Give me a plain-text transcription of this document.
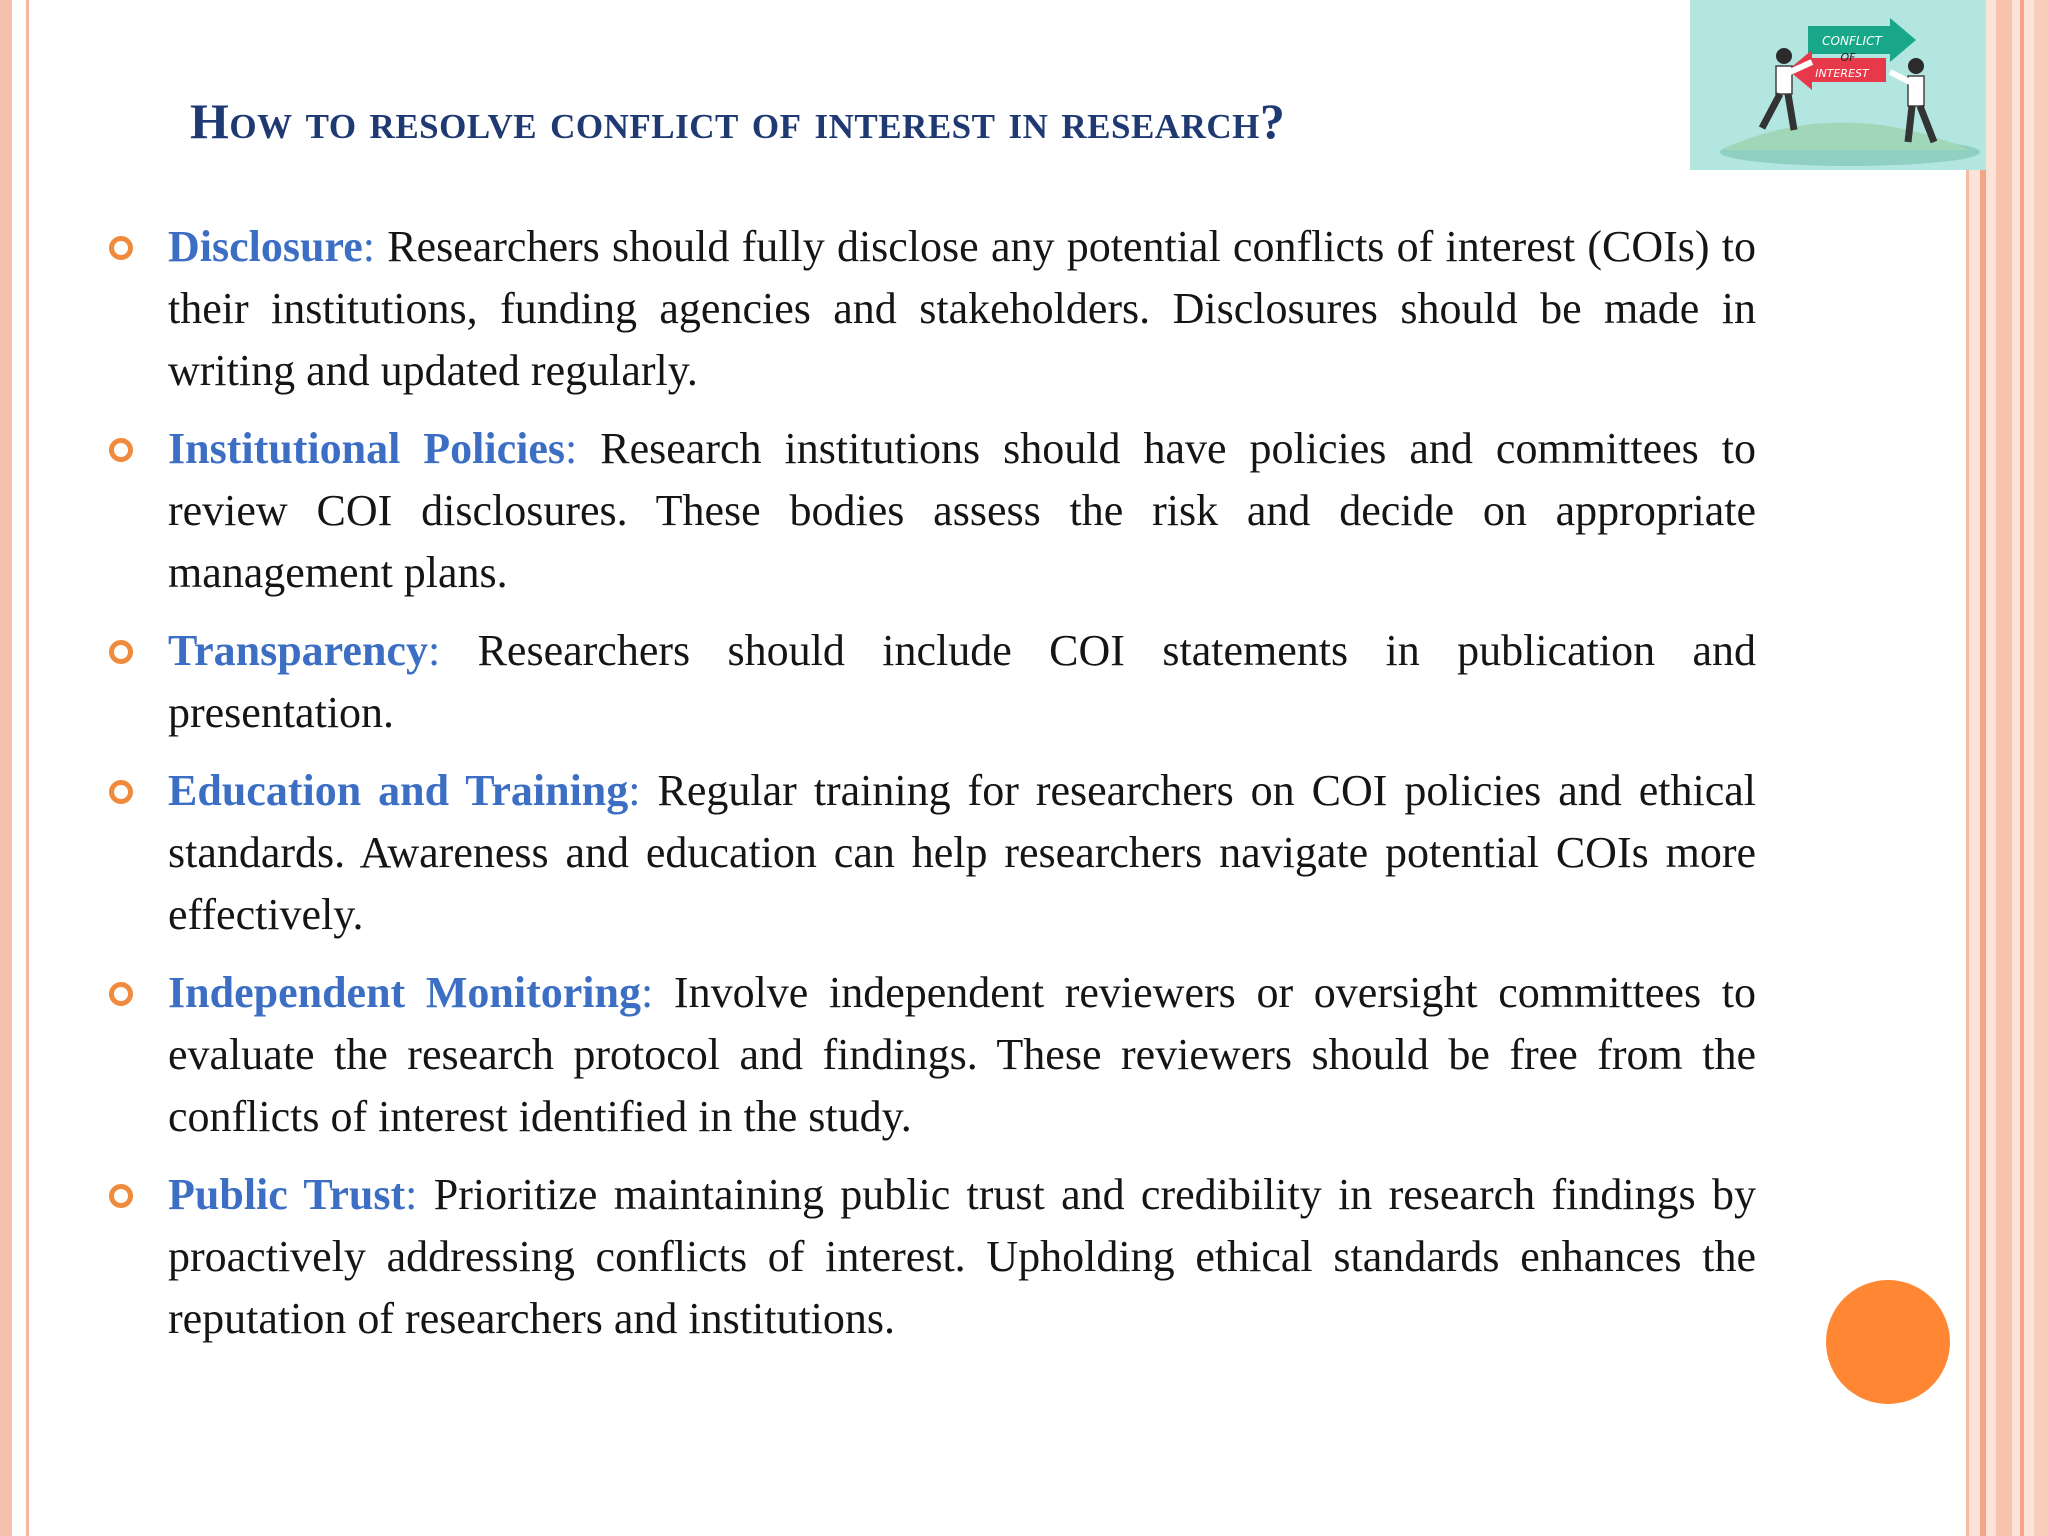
CONFLICT
OF
INTEREST
How to resolve conflict of interest in research?
Disclosure: Researchers should fully disclose any potential conflicts of interest (COIs) to their institutions, funding agencies and stakeholders. Disclosures should be made in writing and updated regularly.
Institutional Policies: Research institutions should have policies and committees to review COI disclosures. These bodies assess the risk and decide on appropriate management plans.
Transparency: Researchers should include COI statements in publication and presentation.
Education and Training: Regular training for researchers on COI policies and ethical standards. Awareness and education can help researchers navigate potential COIs more effectively.
Independent Monitoring: Involve independent reviewers or oversight committees to evaluate the research protocol and findings. These reviewers should be free from the conflicts of interest identified in the study.
Public Trust: Prioritize maintaining public trust and credibility in research findings by proactively addressing conflicts of interest. Upholding ethical standards enhances the reputation of researchers and institutions.
